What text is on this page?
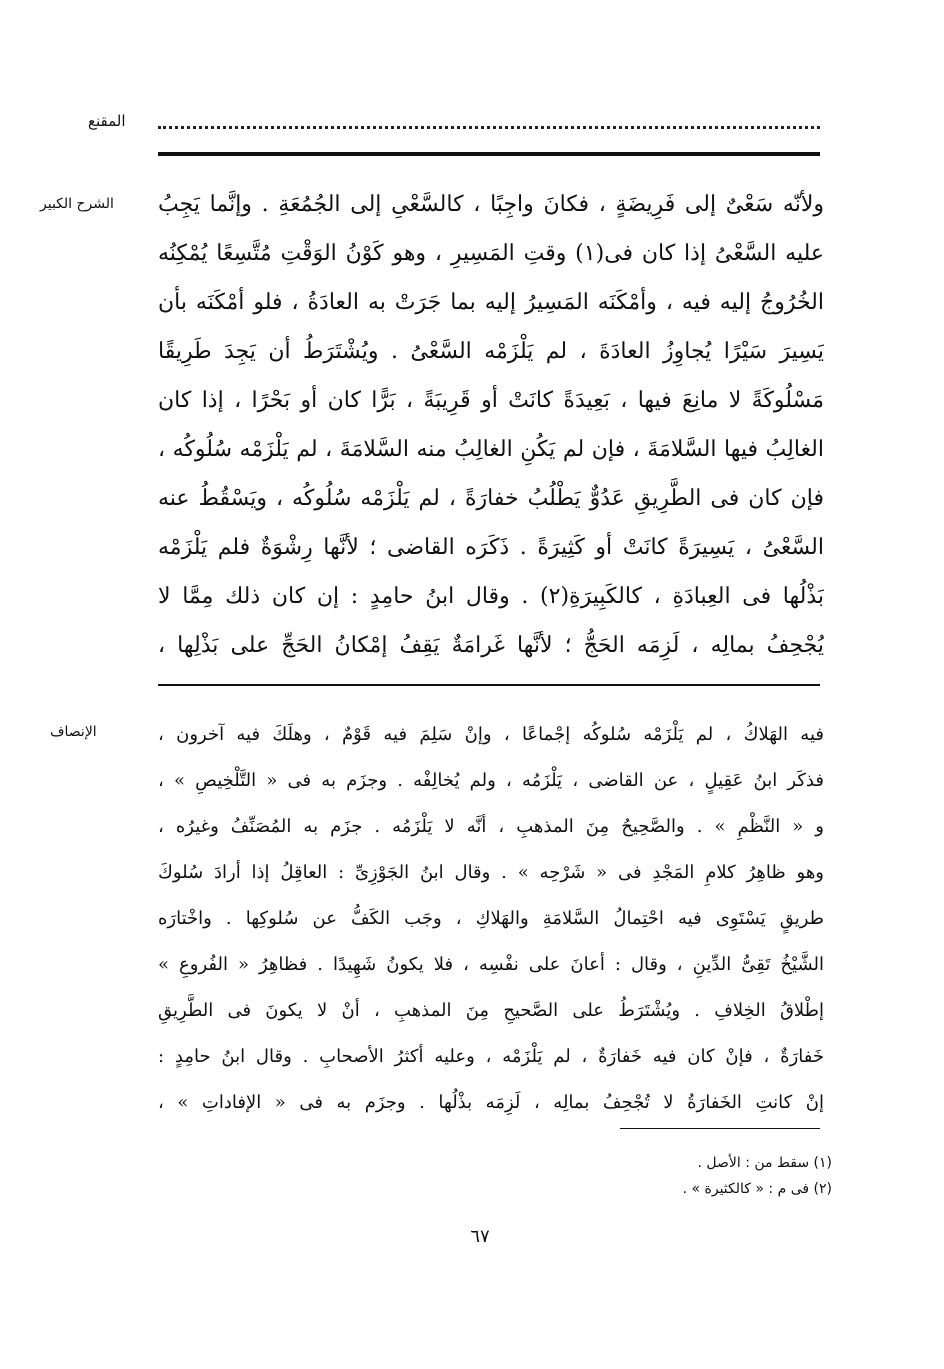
المقنع
الشرح الكبير ولأنّه سَعْىٌ إلى فَرِيضَةٍ ، فكانَ واجِبًا ، كالسَّعْىِ إلى الجُمُعَةِ . وإنَّما يَجِبُ
عليه السَّعْىُ إذا كان فى(١) وقتِ المَسِيرِ ، وهو كَوْنُ الوَقْتِ مُتَّسِعًا يُمْكِنُه
الخُرُوجُ إليه فيه ، وأمْكَنَه المَسِيرُ إليه بما جَرَتْ به العادَةُ ، فلو أمْكَنَه بأن
يَسِيرَ سَيْرًا يُجاوِزُ العادَةَ ، لم يَلْزَمْه السَّعْىُ . ويُشْتَرَطُ أن يَجِدَ طَرِيقًا
مَسْلُوكَةً لا مانِعَ فيها ، بَعِيدَةً كانَتْ أو قَرِيبَةً ، بَرًّا كان أو بَحْرًا ، إذا كان
الغالِبُ فيها السَّلامَةَ ، فإن لم يَكُنِ الغالِبُ منه السَّلامَةَ ، لم يَلْزَمْه سُلُوكُه ،
فإن كان فى الطَّرِيقِ عَدُوٌّ يَطْلُبُ خفارَةً ، لم يَلْزَمْه سُلُوكُه ، ويَسْقُطُ عنه
السَّعْىُ ، يَسِيرَةً كانَتْ أو كَثِيرَةً . ذَكَرَه القاضى ؛ لأنَّها رِشْوَةٌ فلم يَلْزَمْه
بَذْلُها فى العِبادَةِ ، كالكَبِيرَةِ(٢) . وقال ابنُ حامِدٍ : إن كان ذلك مِمَّا لا
يُجْحِفُ بمالِه ، لَزِمَه الحَجُّ ؛ لأنَّها غَرامَةٌ يَقِفُ إمْكانُ الحَجِّ على بَذْلِها ،
الإنصاف	فيه الهَلاكُ ، لم يَلْزَمْه سُلوكُه إجْماعًا ، وإنْ سَلِمَ فيه قَوْمٌ ، وهلَكَ فيه آخرون ،
فذكَر ابنُ عَقِيلٍ ، عن القاضى ، يَلْزَمُه ، ولم يُخالِفْه . وجزَم به فى « التَّلْخِيصِ » ،
و « النَّظْمِ » . والصَّحِيحُ مِنَ المذهبِ ، أنَّه لا يَلْزَمُه . جزَم به المُصَنِّفُ وغيرُه ،
وهو ظاهِرُ كلامِ المَجْدِ فى « شَرْحِه » . وقال ابنُ الجَوْزِىِّ : العاقِلُ إذا أرادَ سُلوكَ
طريقٍ يَسْتَوِى فيه احْتِمالُ السَّلامَةِ والهَلاكِ ، وجَب الكَفُّ عن سُلوكِها . واخْتارَه
الشَّيْخُ تَقِىُّ الدِّينِ ، وقال : أعانَ على نفْسِه ، فلا يكونُ شَهِيدًا . فظاهِرُ « الفُروعِ »
إطْلاقُ الخِلافِ . ويُشْتَرَطُ على الصَّحيحِ مِنَ المذهبِ ، أنْ لا يكونَ فى الطَّرِيقِ
خَفارَةٌ ، فإنْ كان فيه خَفارَةٌ ، لم يَلْزَمْه ، وعليه أكثرُ الأصحابِ . وقال ابنُ حامِدٍ :
إنْ كانتِ الخَفارَةُ لا تُجْحِفُ بمالِه ، لَزِمَه بذْلُها . وجزَم به فى « الإفاداتِ » ،
(١) سقط من : الأصل .
(٢) فى م : « كالكثيرة » .
٦٧
